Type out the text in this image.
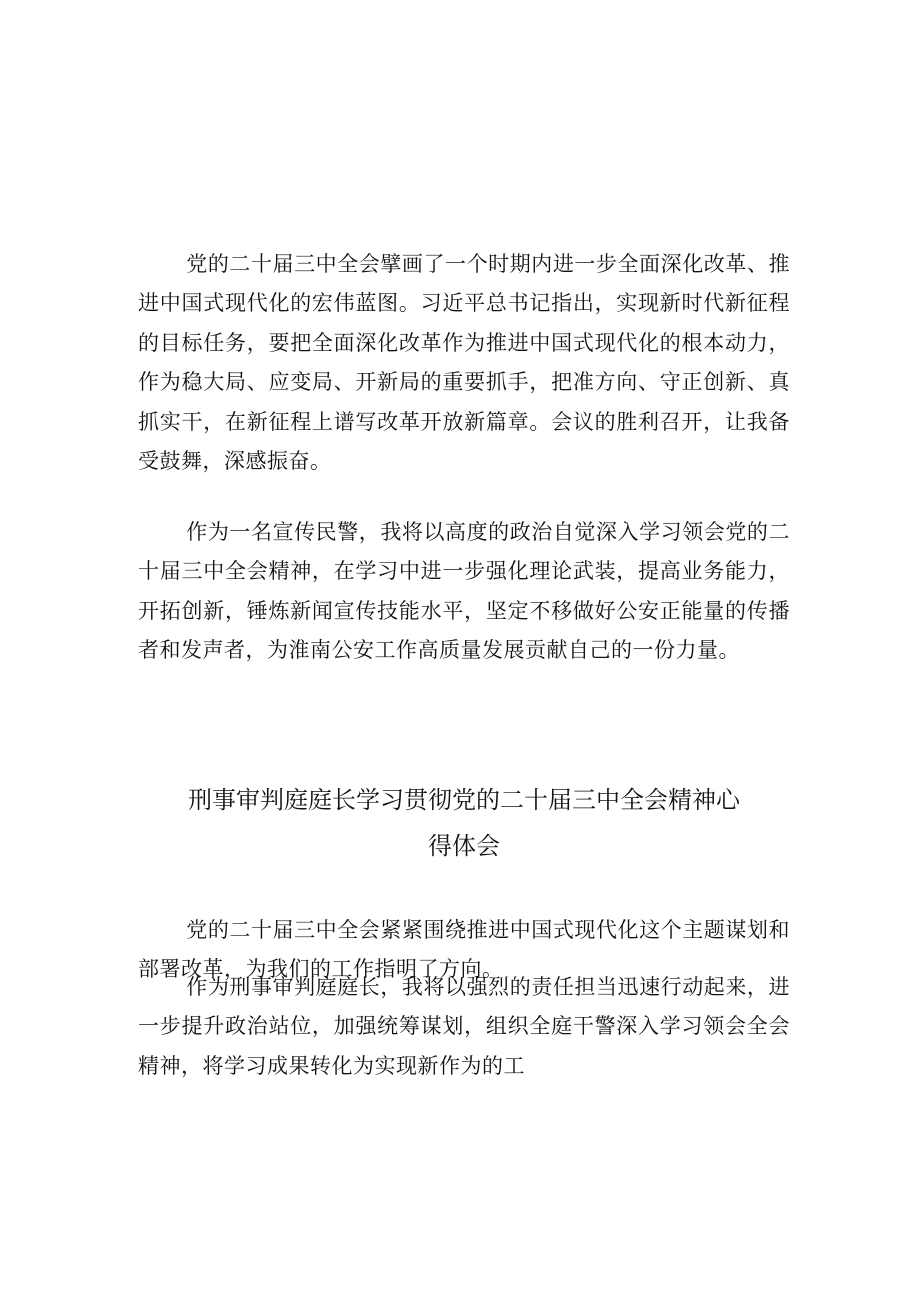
党的二十届三中全会擘画了一个时期内进一步全面深化改革、推进中国式现代化的宏伟蓝图。习近平总书记指出，实现新时代新征程的目标任务，要把全面深化改革作为推进中国式现代化的根本动力，作为稳大局、应变局、开新局的重要抓手，把准方向、守正创新、真抓实干，在新征程上谱写改革开放新篇章。会议的胜利召开，让我备受鼓舞，深感振奋。

作为一名宣传民警，我将以高度的政治自觉深入学习领会党的二十届三中全会精神，在学习中进一步强化理论武装，提高业务能力，开拓创新，锤炼新闻宣传技能水平，坚定不移做好公安正能量的传播者和发声者，为淮南公安工作高质量发展贡献自己的一份力量。

刑事审判庭庭长学习贯彻党的二十届三中全会精神心
得体会

党的二十届三中全会紧紧围绕推进中国式现代化这个主题谋划和部署改革，为我们的工作指明了方向。

作为刑事审判庭庭长，我将以强烈的责任担当迅速行动起来，进一步提升政治站位，加强统筹谋划，组织全庭干警深入学习领会全会精神，将学习成果转化为实现新作为的工
